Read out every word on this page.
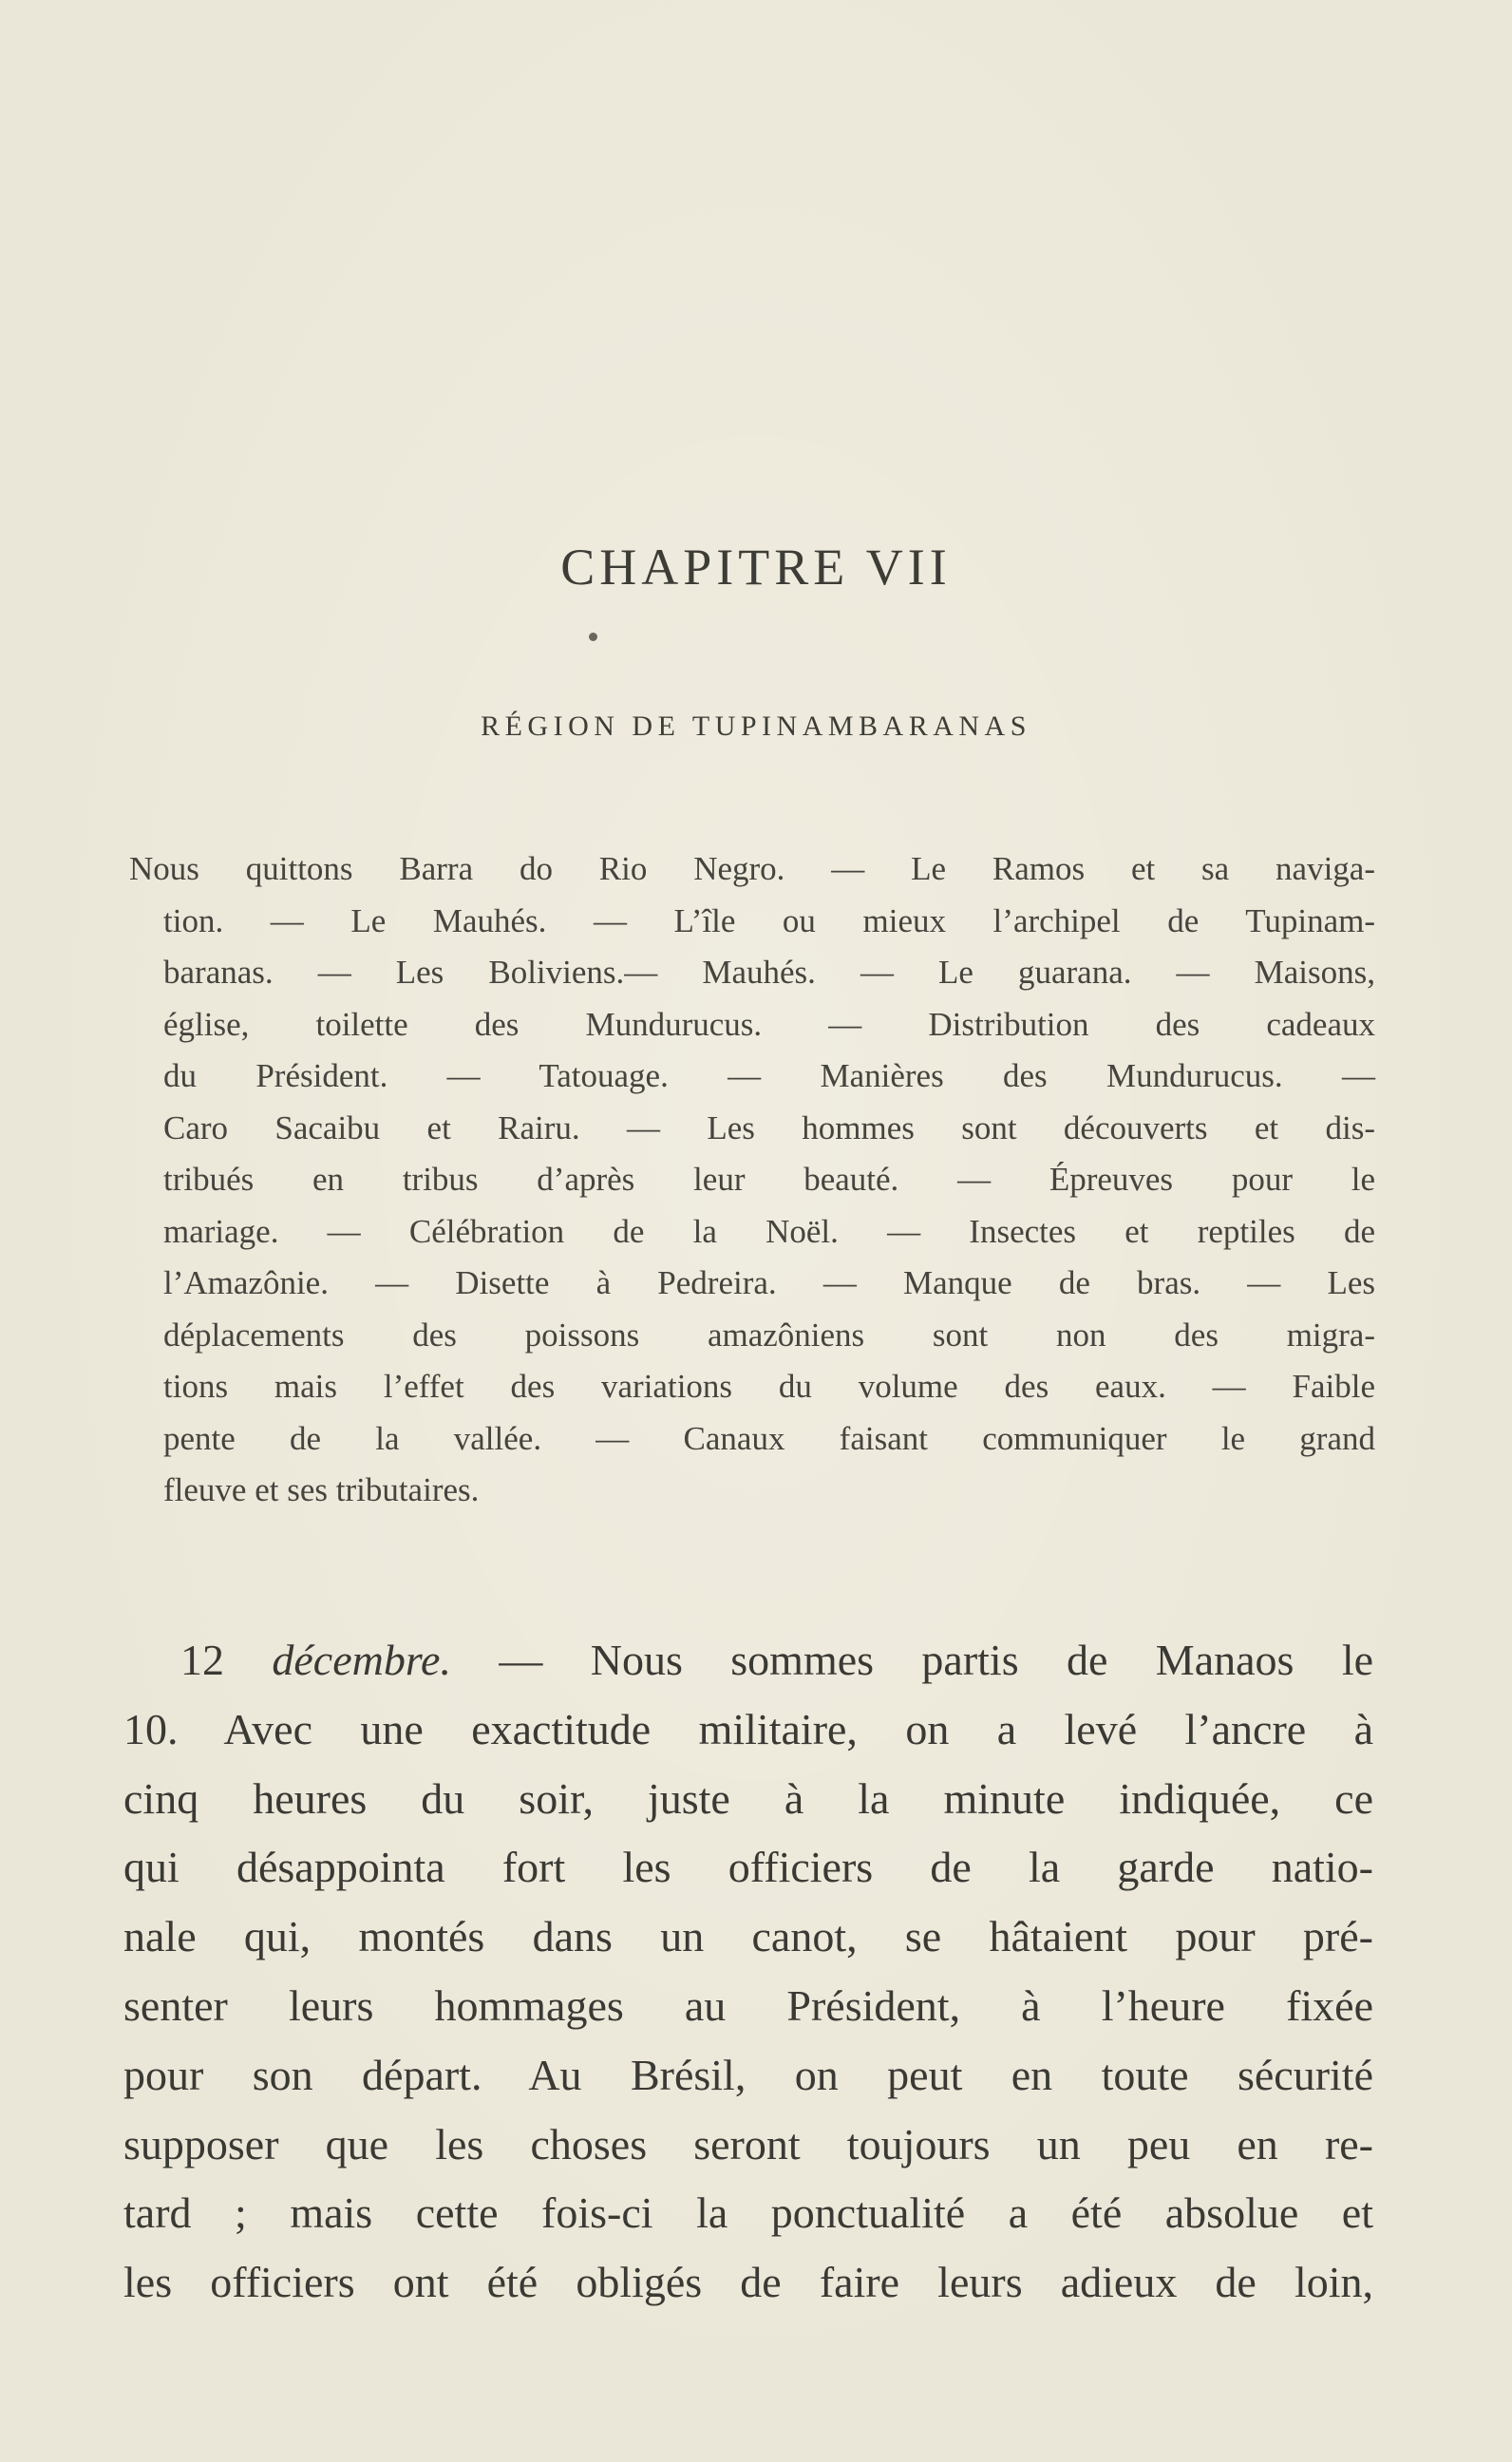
CHAPITRE VII
RÉGION DE TUPINAMBARANAS
Nous quittons Barra do Rio Negro. — Le Ramos et sa naviga-
tion. — Le Mauhés. — L’île ou mieux l’archipel de Tupinam-
baranas. — Les Boliviens.— Mauhés. — Le guarana. — Maisons,
église, toilette des Mundurucus. — Distribution des cadeaux
du Président. — Tatouage. — Manières des Mundurucus. —
Caro Sacaibu et Rairu. — Les hommes sont découverts et dis-
tribués en tribus d’après leur beauté. — Épreuves pour le
mariage. — Célébration de la Noël. — Insectes et reptiles de
l’Amazônie. — Disette à Pedreira. — Manque de bras. — Les
déplacements des poissons amazôniens sont non des migra-
tions mais l’effet des variations du volume des eaux. — Faible
pente de la vallée. — Canaux faisant communiquer le grand
fleuve et ses tributaires.
12 décembre. — Nous sommes partis de Manaos le
10. Avec une exactitude militaire, on a levé l’ancre à
cinq heures du soir, juste à la minute indiquée, ce
qui désappointa fort les officiers de la garde natio-
nale qui, montés dans un canot, se hâtaient pour pré-
senter leurs hommages au Président, à l’heure fixée
pour son départ. Au Brésil, on peut en toute sécurité
supposer que les choses seront toujours un peu en re-
tard ; mais cette fois-ci la ponctualité a été absolue et
les officiers ont été obligés de faire leurs adieux de loin,
